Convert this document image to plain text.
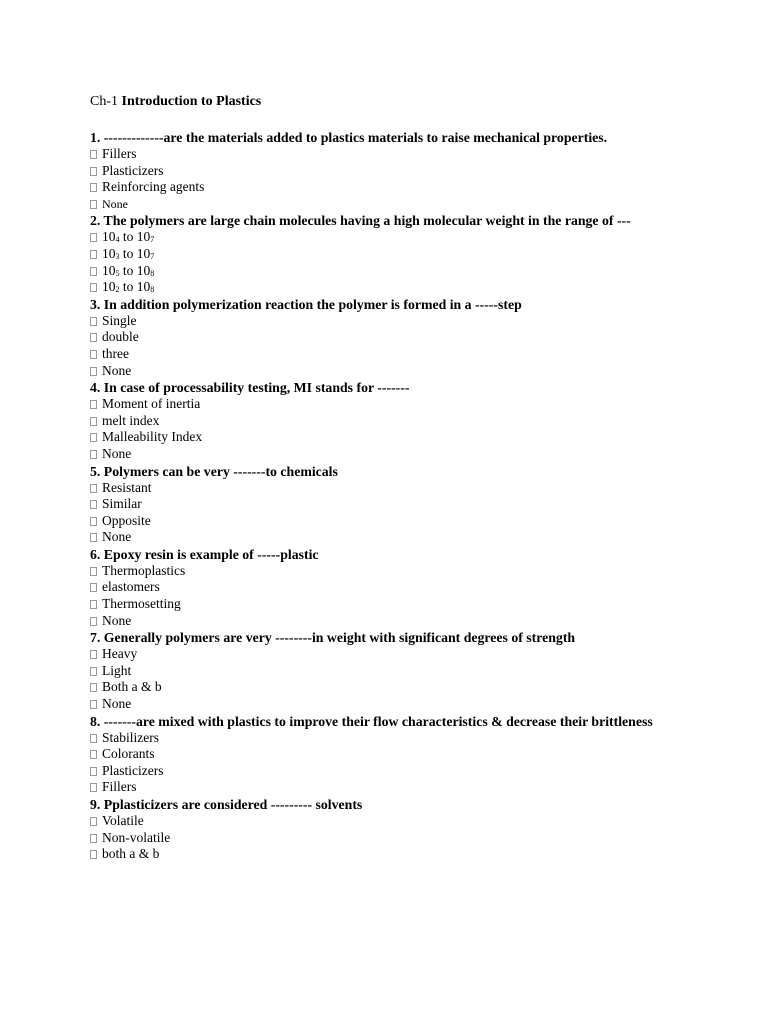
Ch-1 Introduction to Plastics

1. -------------are the materials added to plastics materials to raise mechanical properties.

Fillers
Plasticizers
Reinforcing agents
None

2. The polymers are large chain molecules having a high molecular weight in the range of ---

$10_4$ to $10_7$
$10_3$ to $10_7$
$10_5$ to $10_8$
$10_2$ to $10_8$

3. In addition polymerization reaction the polymer is formed in a -----step

Single
double
three
None

4. In case of processability testing, MI stands for -------

Moment of inertia
melt index
Malleability Index
None

5. Polymers can be very -------to chemicals

Resistant
Similar
Opposite
None

6. Epoxy resin is example of -----plastic

Thermoplastics
elastomers
Thermosetting
None

7. Generally polymers are very --------in weight with significant degrees of strength

Heavy
Light
Both a & b
None

8. -------are mixed with plastics to improve their flow characteristics & decrease their brittleness

Stabilizers
Colorants
Plasticizers
Fillers

9. Pplasticizers are considered --------- solvents

Volatile
Non-volatile
both a & b
